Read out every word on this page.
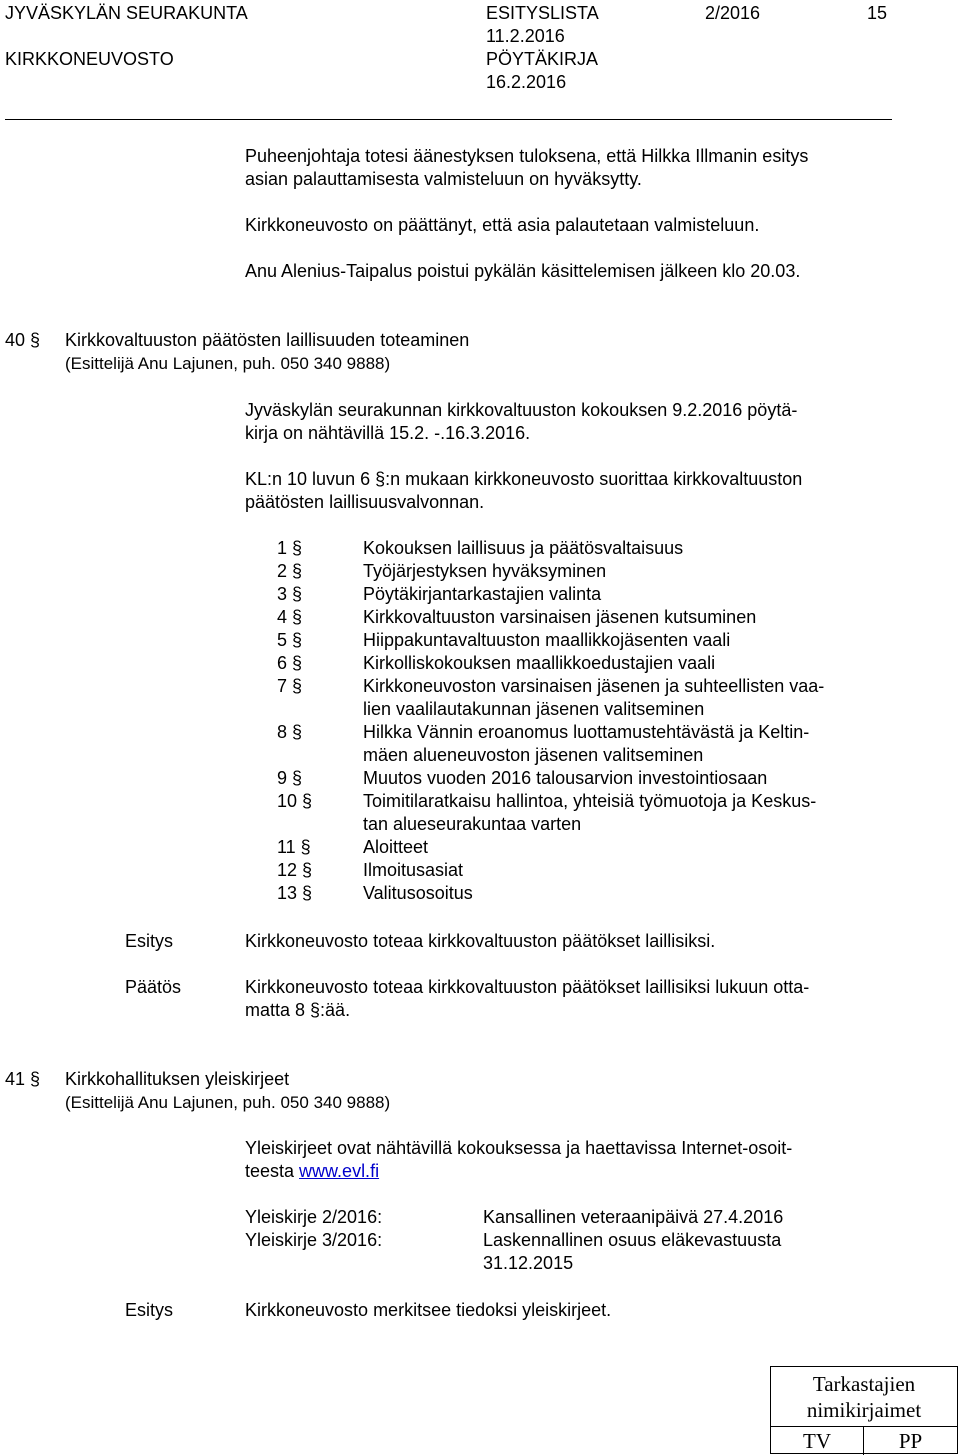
JYVÄSKYLÄN SEURAKUNTA
KIRKKONEUVOSTO
ESITYSLISTA
11.2.2016
PÖYTÄKIRJA
16.2.2016
2/2016	15
Puheenjohtaja totesi äänestyksen tuloksena, että Hilkka Illmanin esitys
asian palauttamisesta valmisteluun on hyväksytty.
Kirkkoneuvosto on päättänyt, että asia palautetaan valmisteluun.
Anu Alenius-Taipalus poistui pykälän käsittelemisen jälkeen klo 20.03.
40 § Kirkkovaltuuston päätösten laillisuuden toteaminen
(Esittelijä Anu Lajunen, puh. 050 340 9888)
Jyväskylän seurakunnan kirkkovaltuuston kokouksen 9.2.2016 pöytä-
kirja on nähtävillä 15.2. -.16.3.2016.
KL:n 10 luvun 6 §:n mukaan kirkkoneuvosto suorittaa kirkkovaltuuston
päätösten laillisuusvalvonnan.
1 §	Kokouksen laillisuus ja päätösvaltaisuus
2 §	Työjärjestyksen hyväksyminen
3 §	Pöytäkirjantarkastajien valinta
4 §	Kirkkovaltuuston varsinaisen jäsenen kutsuminen
5 §	Hiippakuntavaltuuston maallikkojäsenten vaali
6 §	Kirkolliskokouksen maallikkoedustajien vaali
7 §	Kirkkoneuvoston varsinaisen jäsenen ja suhteellisten vaa-
lien vaalilautakunnan jäsenen valitseminen
8 §	Hilkka Vännin eroanomus luottamustehtävästä ja Keltin-
mäen alueneuvoston jäsenen valitseminen
9 §	Muutos vuoden 2016 talousarvion investointiosaan
10 §	Toimitilaratkaisu hallintoa, yhteisiä työmuotoja ja Keskus-
tan alueseurakuntaa varten
11 §	Aloitteet
12 §	Ilmoitusasiat
13 §	Valitusosoitus
Esitys	Kirkkoneuvosto toteaa kirkkovaltuuston päätökset laillisiksi.
Päätös	Kirkkoneuvosto toteaa kirkkovaltuuston päätökset laillisiksi lukuun otta-
matta 8 §:ää.
41 § Kirkkohallituksen yleiskirjeet
(Esittelijä Anu Lajunen, puh. 050 340 9888)
Yleiskirjeet ovat nähtävillä kokouksessa ja haettavissa Internet-osoit-
teesta www.evl.fi
Yleiskirje 2/2016:	Kansallinen veteraanipäivä 27.4.2016
Yleiskirje 3/2016:	Laskennallinen osuus eläkevastuusta
31.12.2015
Esitys	Kirkkoneuvosto merkitsee tiedoksi yleiskirjeet.
Tarkastajien
nimikirjaimet
TV	PP
